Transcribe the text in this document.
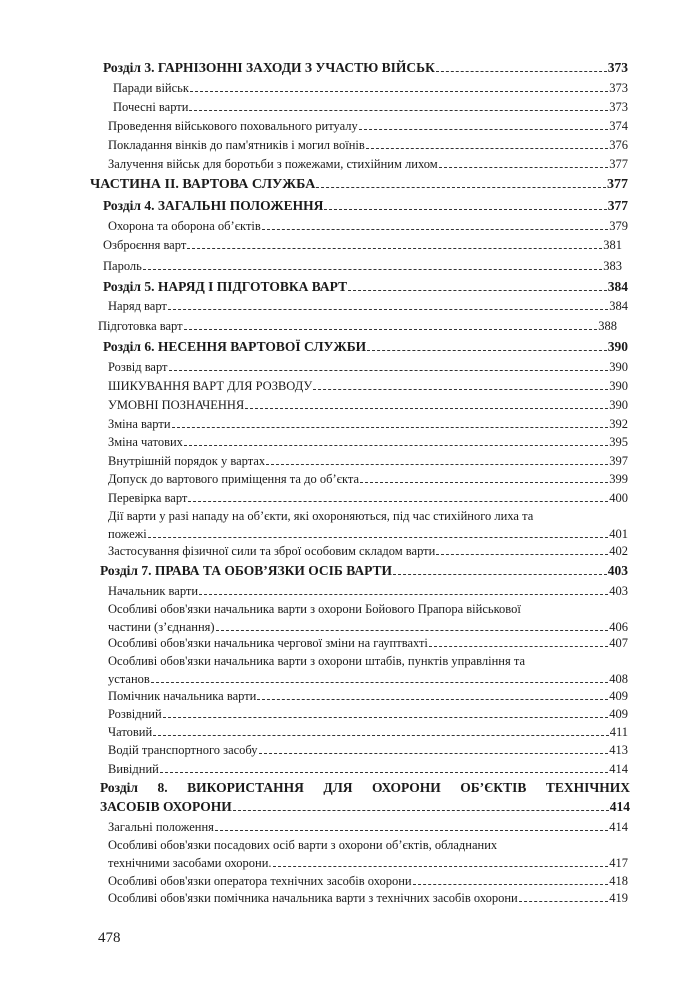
Розділ 3. ГАРНІЗОННІ ЗАХОДИ З УЧАСТЮ ВІЙСЬК	373
Паради військ	373
Почесні варти	373
Проведення військового поховального ритуалу	374
Покладання вінків до пам'ятників і могил воїнів	376
Залучення військ для боротьби з пожежами, стихійним лихом	377
ЧАСТИНА ІІ. ВАРТОВА СЛУЖБА	377
Розділ 4. ЗАГАЛЬНІ ПОЛОЖЕННЯ	377
Охорона та оборона об’єктів	379
Озброєння варт	381
Пароль	383
Розділ 5. НАРЯД І ПІДГОТОВКА ВАРТ	384
Наряд варт	384
Підготовка варт	388
Розділ 6. НЕСЕННЯ ВАРТОВОЇ СЛУЖБИ	390
Розвід варт	390
ШИКУВАННЯ ВАРТ ДЛЯ РОЗВОДУ	390
УМОВНІ ПОЗНАЧЕННЯ	390
Зміна варти	392
Зміна чатових	395
Внутрішній порядок у вартах	397
Допуск до вартового приміщення та до об’єкта	399
Перевірка варт	400
Дії варти у разі нападу на об’єкти, які охороняються, під час стихійного лиха та
пожежі	401
Застосування фізичної сили та зброї особовим складом варти	402
Розділ 7. ПРАВА ТА ОБОВ’ЯЗКИ ОСІБ ВАРТИ	403
Начальник варти	403
Особливі обов'язки начальника варти з охорони Бойового Прапора військової
частини (з’єднання)	406
Особливі обов'язки начальника чергової зміни на гауптвахті	407
Особливі обов'язки начальника варти з охорони штабів, пунктів управління та
установ	408
Помічник начальника варти	409
Розвідний	409
Чатовий	411
Водій транспортного засобу	413
Вивідний	414
Розділ 8. ВИКОРИСТАННЯ ДЛЯ ОХОРОНИ ОБ’ЄКТІВ ТЕХНІЧНИХ
ЗАСОБІВ ОХОРОНИ	414
Загальні положення	414
Особливі обов'язки посадових осіб варти з охорони об’єктів, обладнаних
технічними засобами охорони.	417
Особливі обов'язки оператора технічних засобів охорони	418
Особливі обов'язки помічника начальника варти з технічних засобів охорони	419
478
